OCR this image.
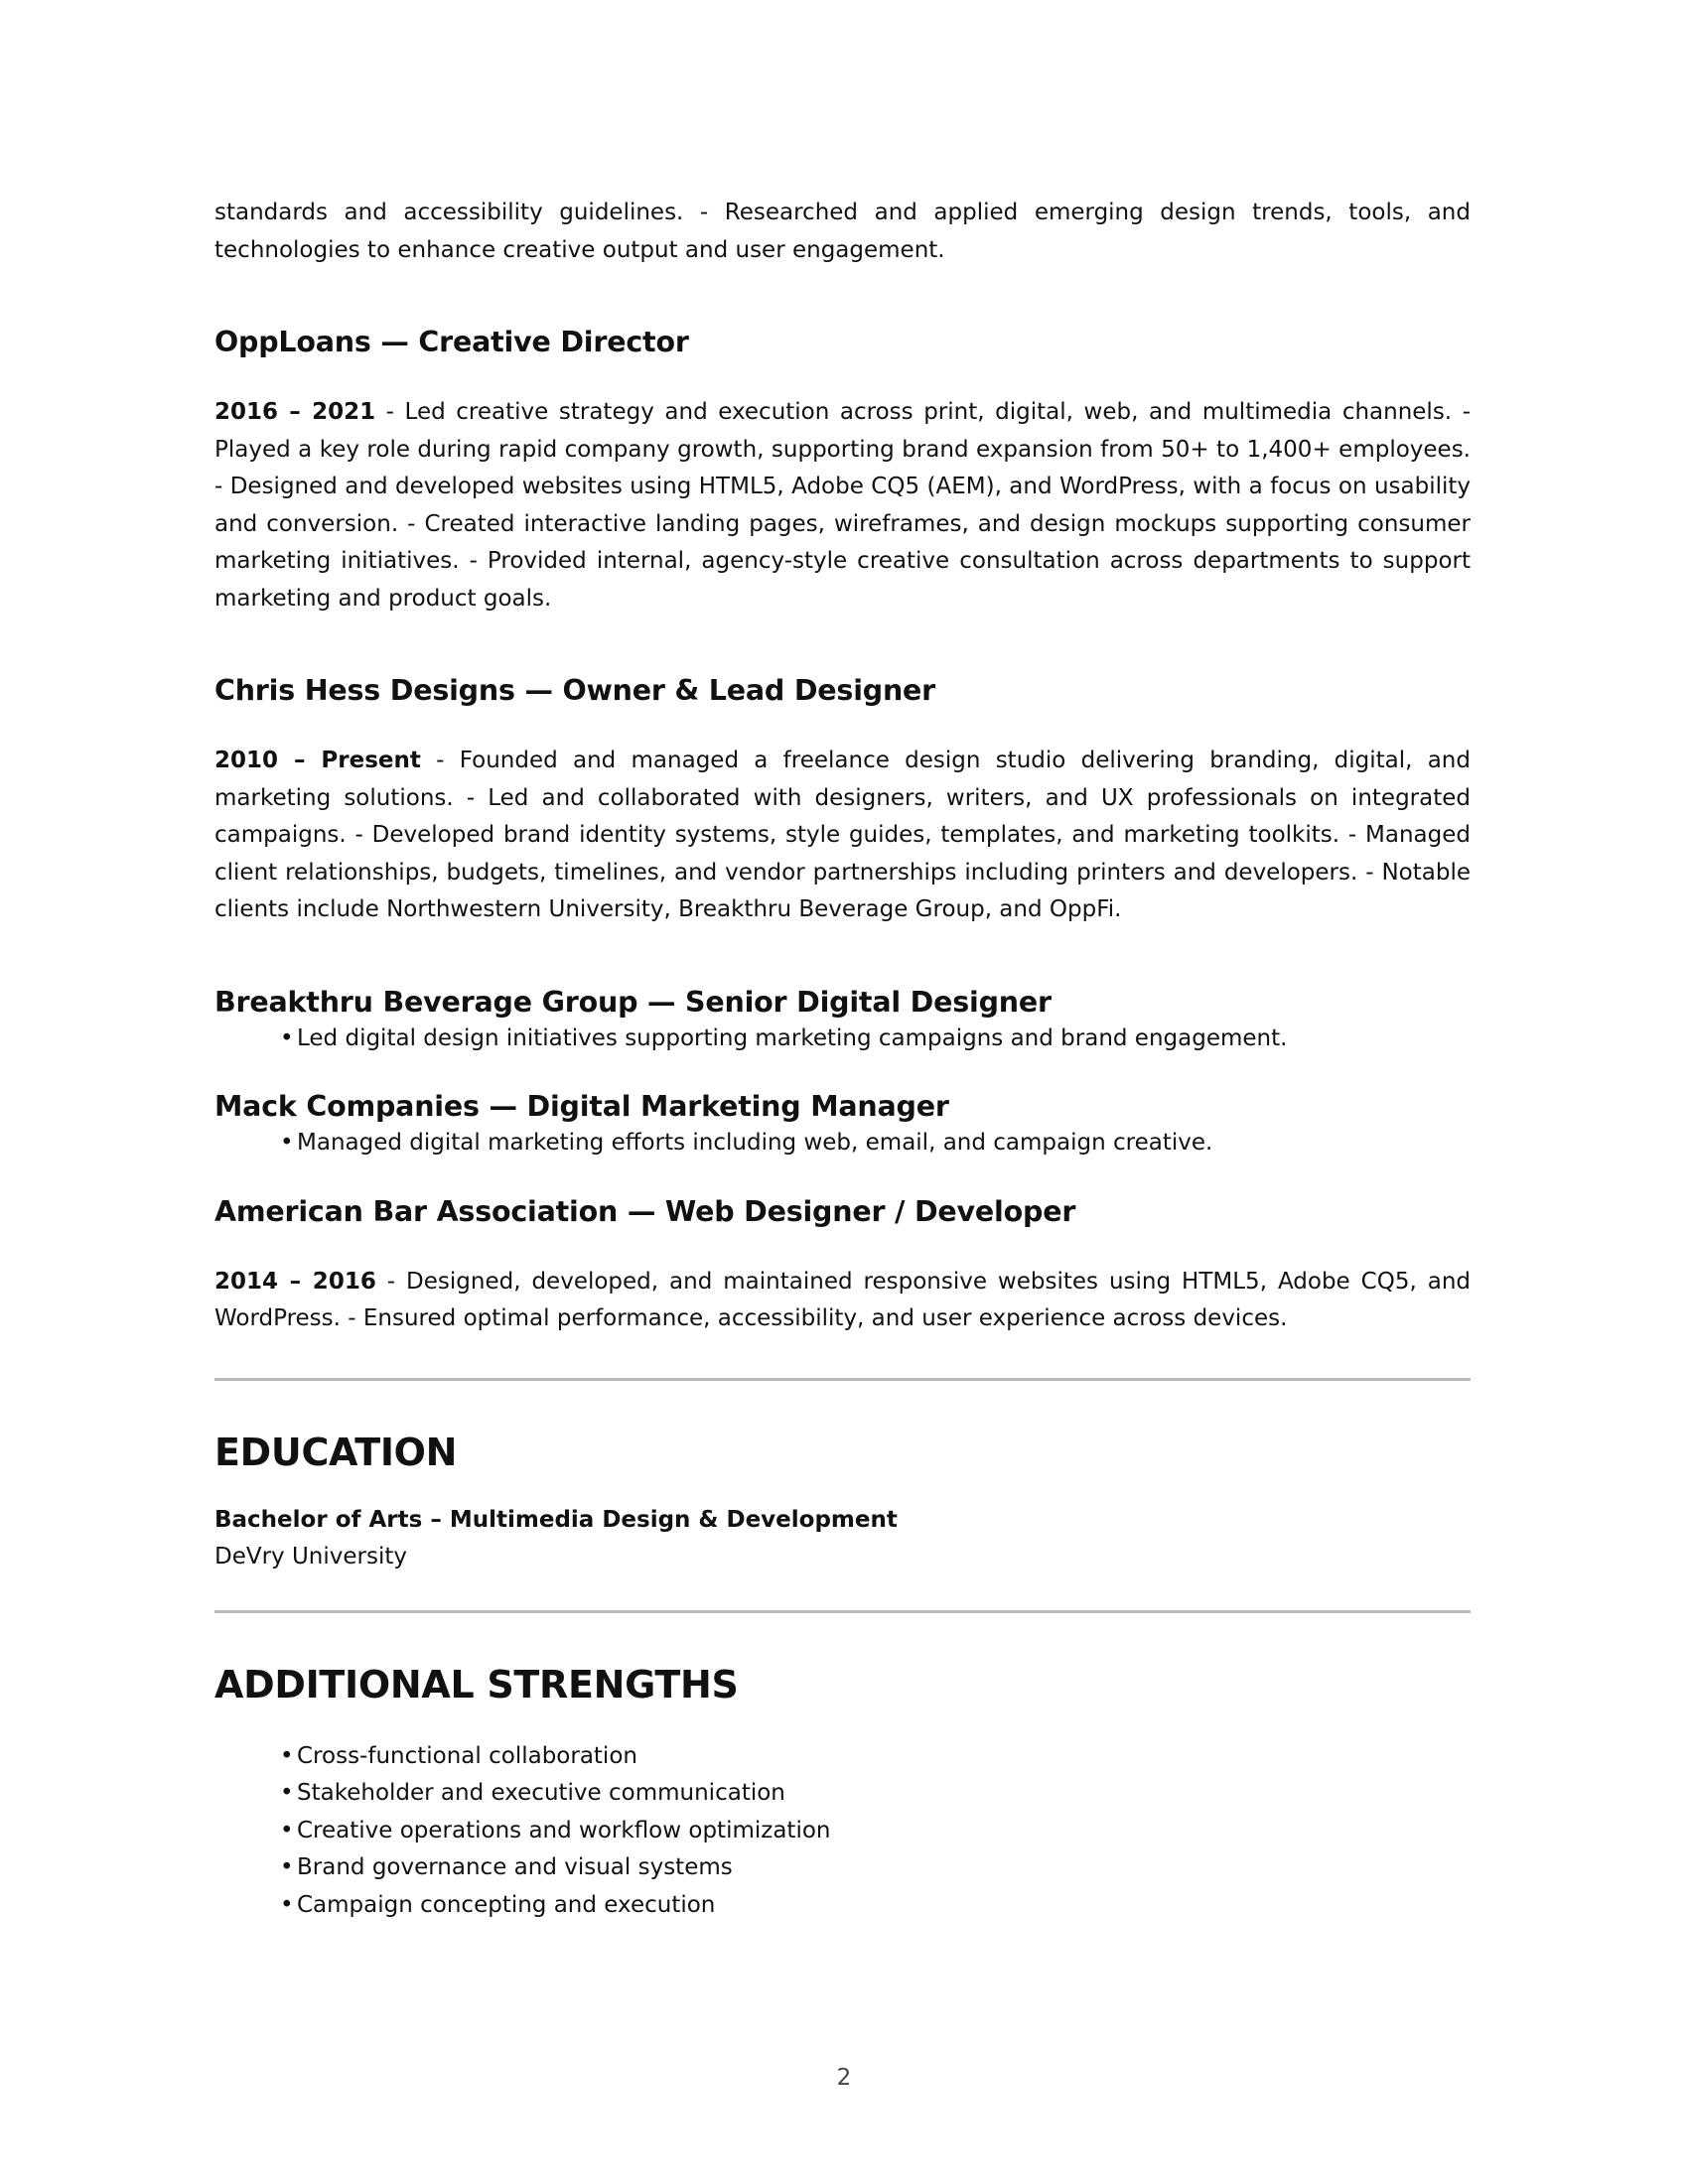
standards and accessibility guidelines. - Researched and applied emerging design trends, tools, and technologies to enhance creative output and user engagement.

OppLoans — Creative Director

2016 – 2021 - Led creative strategy and execution across print, digital, web, and multimedia channels. - Played a key role during rapid company growth, supporting brand expansion from 50+ to 1,400+ employees. - Designed and developed websites using HTML5, Adobe CQ5 (AEM), and WordPress, with a focus on usability and conversion. - Created interactive landing pages, wireframes, and design mockups supporting consumer marketing initiatives. - Provided internal, agency-style creative consultation across departments to support marketing and product goals.

Chris Hess Designs — Owner & Lead Designer

2010 – Present - Founded and managed a freelance design studio delivering branding, digital, and marketing solutions. - Led and collaborated with designers, writers, and UX professionals on integrated campaigns. - Developed brand identity systems, style guides, templates, and marketing toolkits. - Managed client relationships, budgets, timelines, and vendor partnerships including printers and developers. - Notable clients include Northwestern University, Breakthru Beverage Group, and OppFi.

Breakthru Beverage Group — Senior Digital Designer
• Led digital design initiatives supporting marketing campaigns and brand engagement.
Mack Companies — Digital Marketing Manager
• Managed digital marketing efforts including web, email, and campaign creative.
American Bar Association — Web Designer / Developer

2014 – 2016 - Designed, developed, and maintained responsive websites using HTML5, Adobe CQ5, and WordPress. - Ensured optimal performance, accessibility, and user experience across devices.

EDUCATION

Bachelor of Arts – Multimedia Design & Development

DeVry University

ADDITIONAL STRENGTHS
• Cross-functional collaboration
• Stakeholder and executive communication
• Creative operations and workflow optimization
• Brand governance and visual systems
• Campaign concepting and execution
2
